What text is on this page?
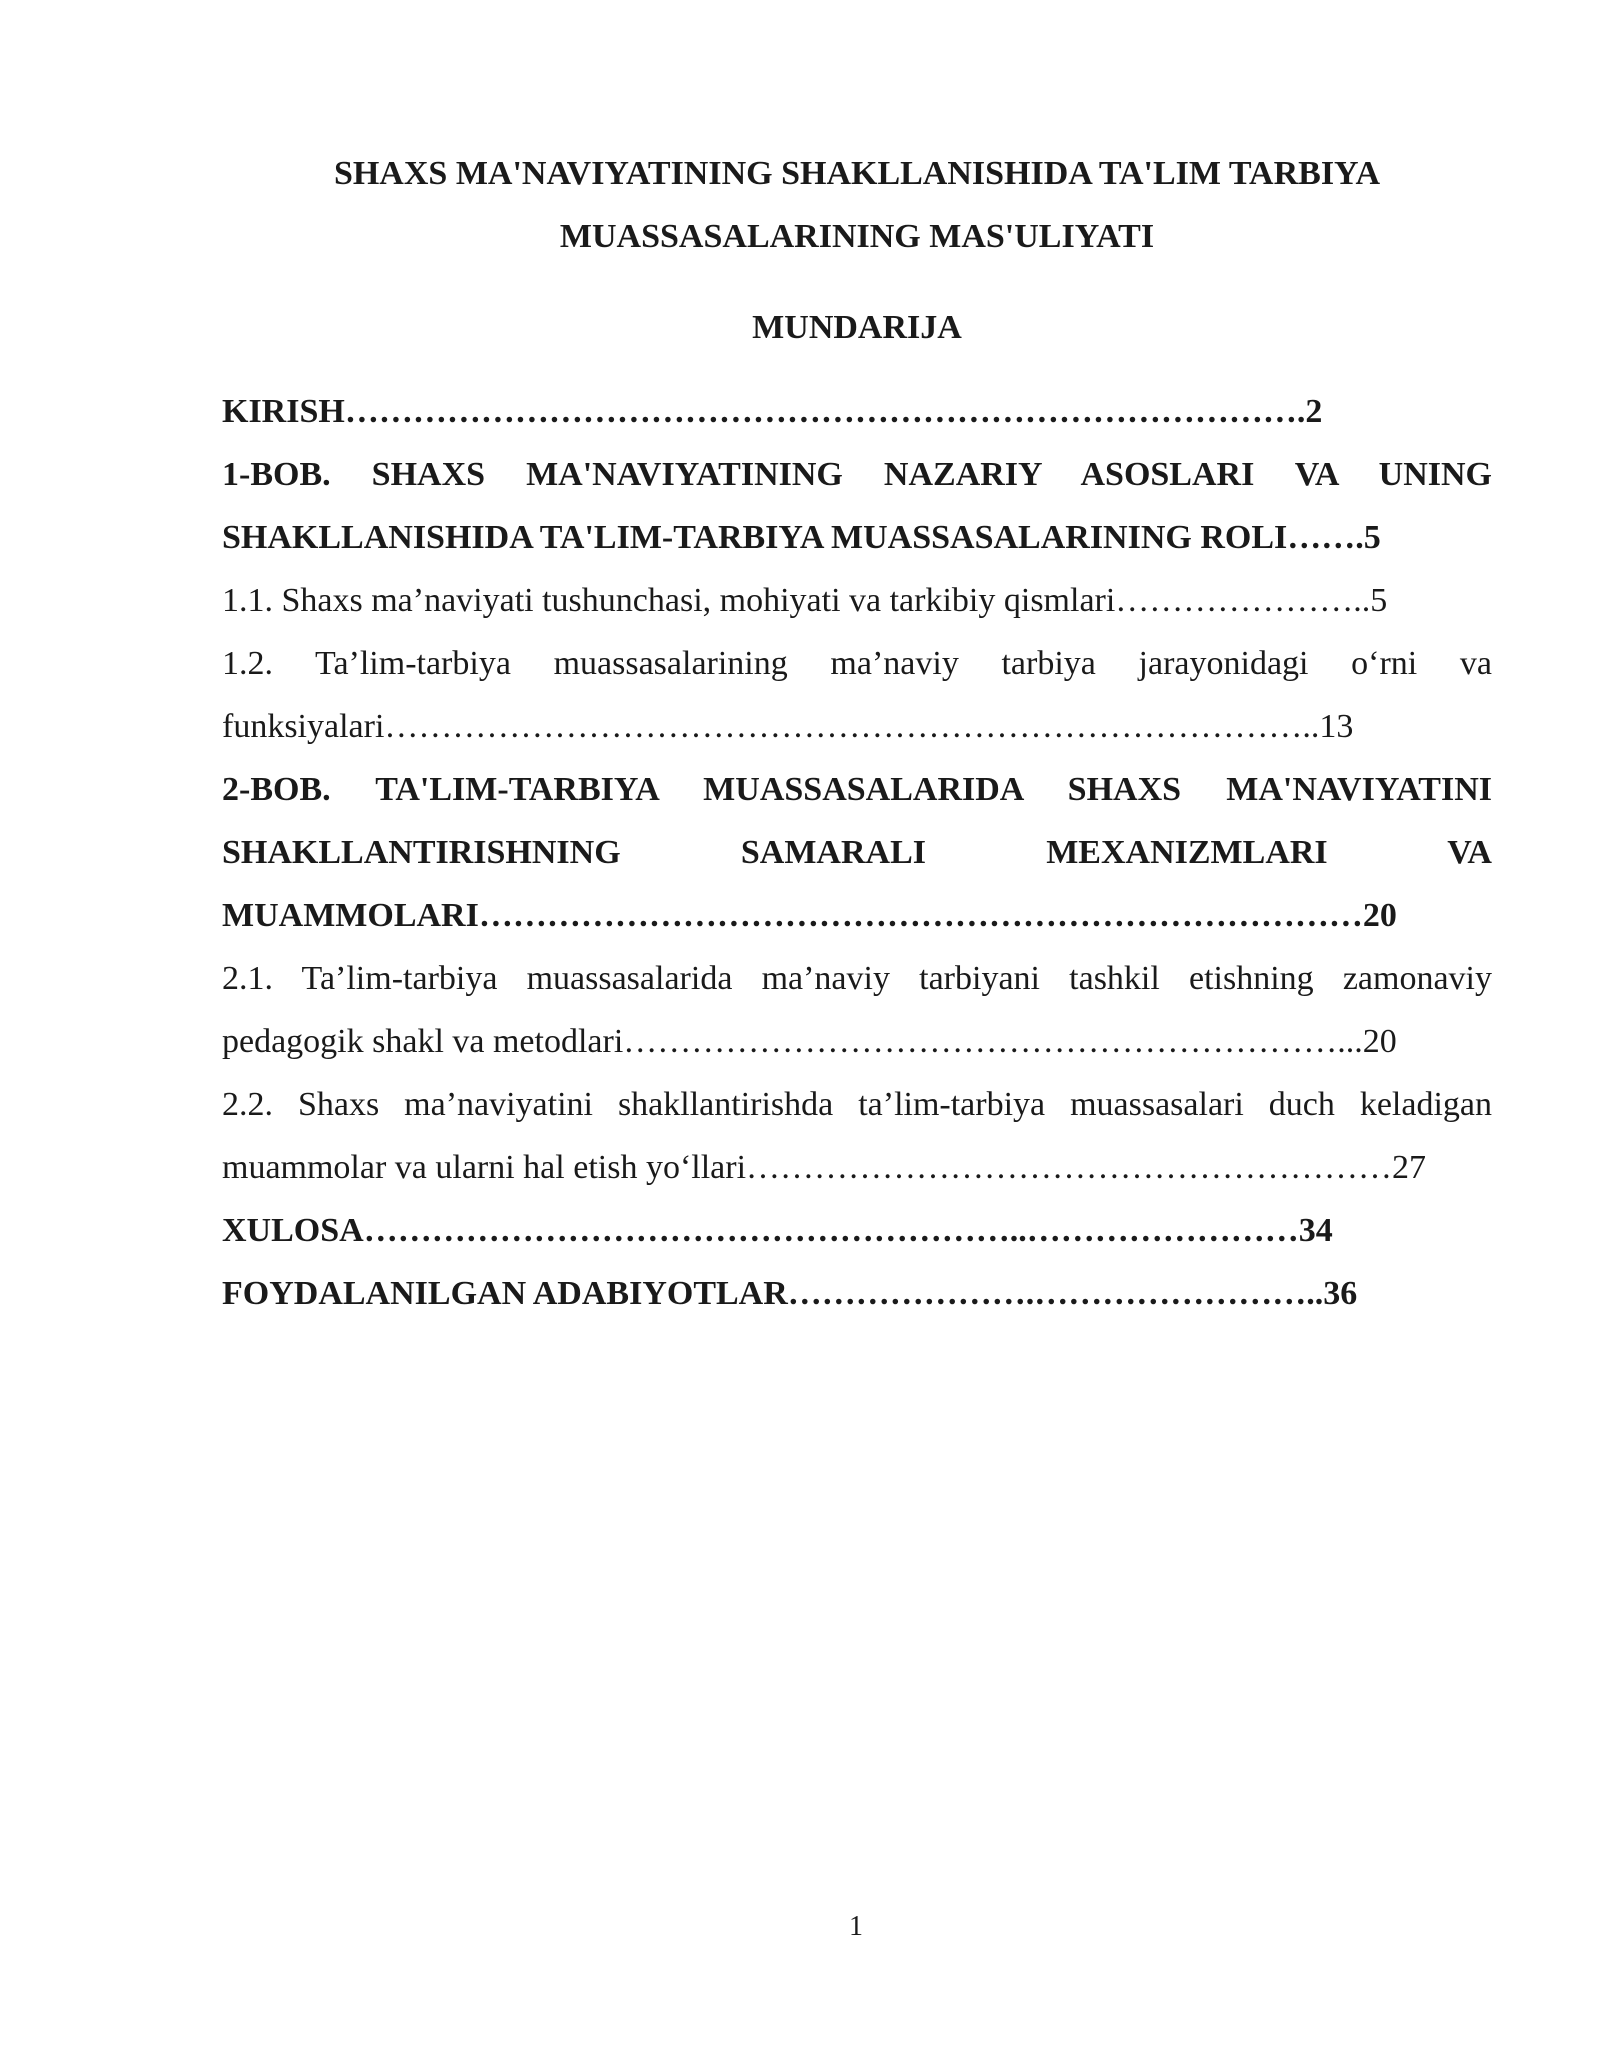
SHAXS MA'NAVIYATINING SHAKLLANISHIDA TA'LIM TARBIYA
MUASSASALARINING MAS'ULIYATI
MUNDARIJA
KIRISH………………………………………………………………………….2
1-BOB. SHAXS MA'NAVIYATINING NAZARIY ASOSLARI VA UNING
SHAKLLANISHIDA TA'LIM-TARBIYA MUASSASALARINING ROLI…….5
1.1. Shaxs ma’naviyati tushunchasi, mohiyati va tarkibiy qismlari…………………..5
1.2. Ta’lim-tarbiya muassasalarining ma’naviy tarbiya jarayonidagi o‘rni va
funksiyalari………………………………………………………………………..13
2-BOB. TA'LIM-TARBIYA MUASSASALARIDA SHAXS MA'NAVIYATINI
SHAKLLANTIRISHNING SAMARALI MEXANIZMLARI VA
MUAMMOLARI……………………………………………………………………20
2.1. Ta’lim-tarbiya muassasalarida ma’naviy tarbiyani tashkil etishning zamonaviy
pedagogik shakl va metodlari………………………………………………………...20
2.2. Shaxs ma’naviyatini shakllantirishda ta’lim-tarbiya muassasalari duch keladigan
muammolar va ularni hal etish yo‘llari…………………………………………………27
XULOSA…………………………………………………..……………………34
FOYDALANILGAN ADABIYOTLAR………………….……………………..36
1
